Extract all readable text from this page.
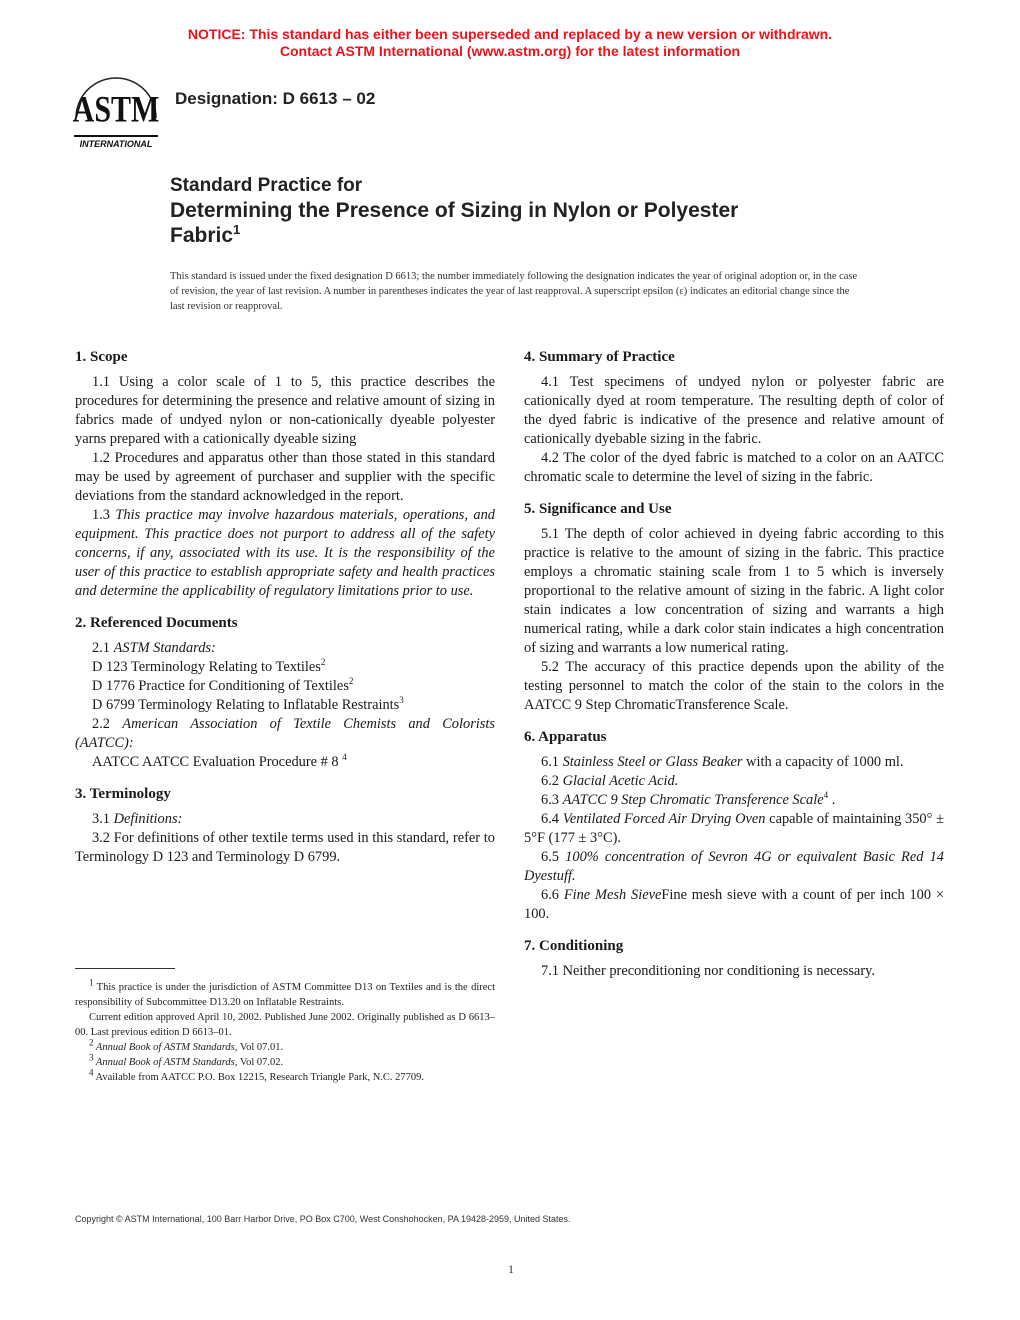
NOTICE: This standard has either been superseded and replaced by a new version or withdrawn.
Contact ASTM International (www.astm.org) for the latest information
ASTM
INTERNATIONAL
Designation: D 6613 – 02
Standard Practice for
Determining the Presence of Sizing in Nylon or Polyester
Fabric$^1$
This standard is issued under the fixed designation D 6613; the number immediately following the designation indicates the year of original adoption or, in the case of revision, the year of last revision. A number in parentheses indicates the year of last reapproval. A superscript epsilon (ε) indicates an editorial change since the last revision or reapproval.
1. Scope

1.1 Using a color scale of 1 to 5, this practice describes the procedures for determining the presence and relative amount of sizing in fabrics made of undyed nylon or non-cationically dyeable polyester yarns prepared with a cationically dyeable sizing

1.2 Procedures and apparatus other than those stated in this standard may be used by agreement of purchaser and supplier with the specific deviations from the standard acknowledged in the report.

1.3 This practice may involve hazardous materials, operations, and equipment. This practice does not purport to address all of the safety concerns, if any, associated with its use. It is the responsibility of the user of this practice to establish appropriate safety and health practices and determine the applicability of regulatory limitations prior to use.

2. Referenced Documents

2.1 ASTM Standards:

D 123 Terminology Relating to Textiles$^2$

D 1776 Practice for Conditioning of Textiles$^2$

D 6799 Terminology Relating to Inflatable Restraints$^3$

2.2 American Association of Textile Chemists and Colorists (AATCC):

AATCC AATCC Evaluation Procedure # 8 $^4$

3. Terminology

3.1 Definitions:

3.2 For definitions of other textile terms used in this standard, refer to Terminology D 123 and Terminology D 6799.

4. Summary of Practice

4.1 Test specimens of undyed nylon or polyester fabric are cationically dyed at room temperature. The resulting depth of color of the dyed fabric is indicative of the presence and relative amount of cationically dyebable sizing in the fabric.

4.2 The color of the dyed fabric is matched to a color on an AATCC chromatic scale to determine the level of sizing in the fabric.

5. Significance and Use

5.1 The depth of color achieved in dyeing fabric according to this practice is relative to the amount of sizing in the fabric. This practice employs a chromatic staining scale from 1 to 5 which is inversely proportional to the relative amount of sizing in the fabric. A light color stain indicates a low concentration of sizing and warrants a high numerical rating, while a dark color stain indicates a high concentration of sizing and warrants a low numerical rating.

5.2 The accuracy of this practice depends upon the ability of the testing personnel to match the color of the stain to the colors in the AATCC 9 Step ChromaticTransference Scale.

6. Apparatus

6.1 Stainless Steel or Glass Beaker with a capacity of 1000 ml.

6.2 Glacial Acetic Acid.

6.3 AATCC 9 Step Chromatic Transference Scale$^4$ .

6.4 Ventilated Forced Air Drying Oven capable of maintaining 350° ± 5°F (177 ± 3°C).

6.5 100% concentration of Sevron 4G or equivalent Basic Red 14 Dyestuff.

6.6 Fine Mesh SieveFine mesh sieve with a count of per inch 100 × 100.

7. Conditioning

7.1 Neither preconditioning nor conditioning is necessary.

$^1$ This practice is under the jurisdiction of ASTM Committee D13 on Textiles and is the direct responsibility of Subcommittee D13.20 on Inflatable Restraints.

Current edition approved April 10, 2002. Published June 2002. Originally published as D 6613–00. Last previous edition D 6613–01.

$^2$ Annual Book of ASTM Standards, Vol 07.01.

$^3$ Annual Book of ASTM Standards, Vol 07.02.

$^4$ Available from AATCC P.O. Box 12215, Research Triangle Park, N.C. 27709.

Copyright © ASTM International, 100 Barr Harbor Drive, PO Box C700, West Conshohocken, PA 19428-2959, United States.
1
